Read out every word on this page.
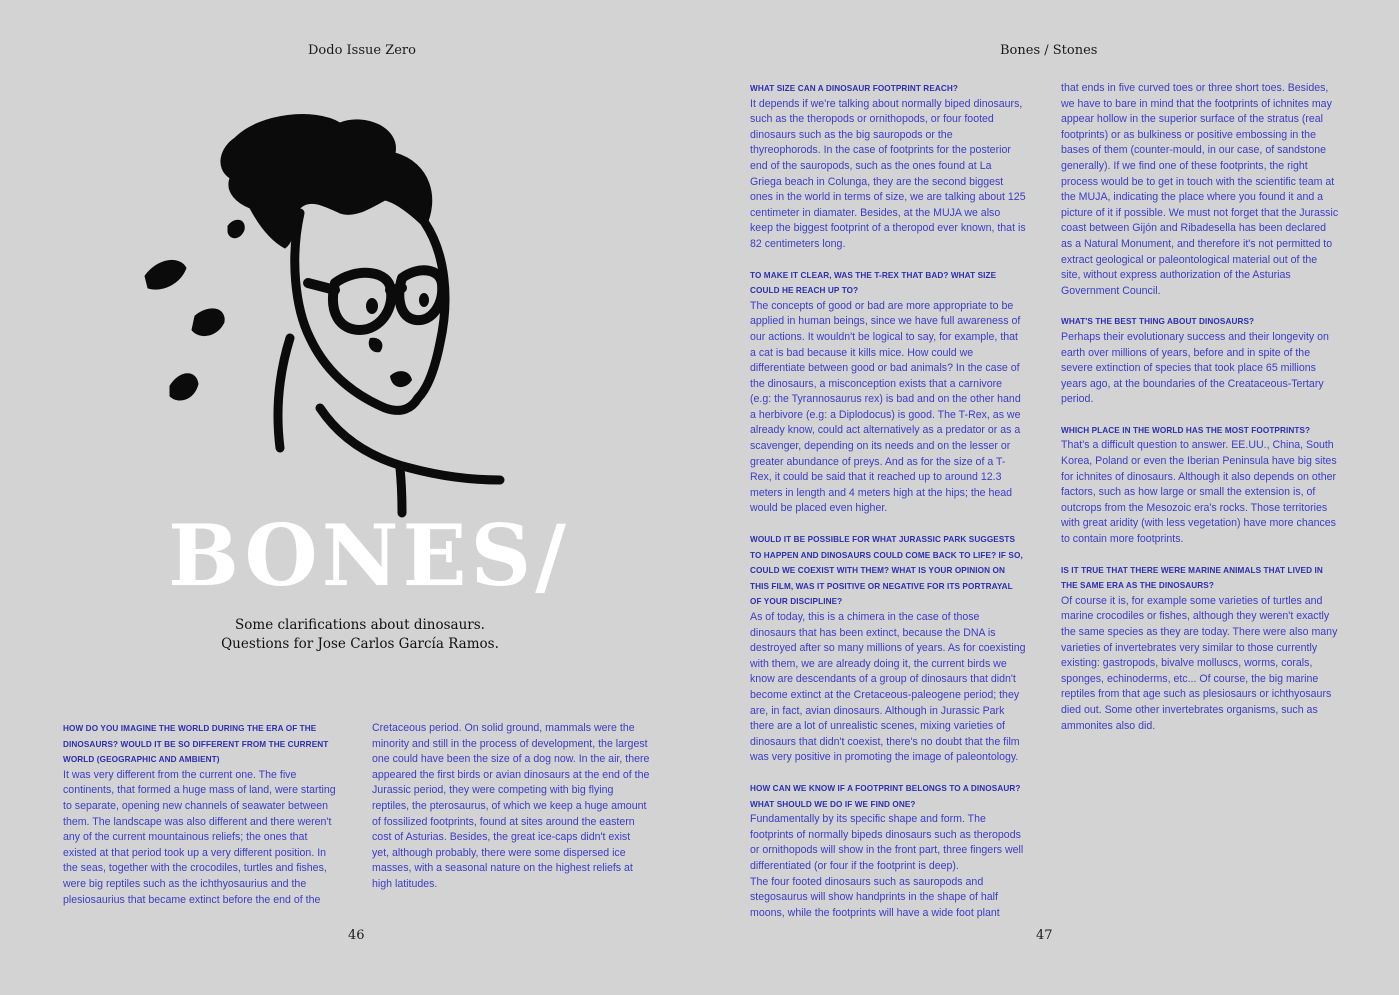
Dodo Issue Zero
BONES/
Some clarifications about dinosaurs.
Questions for Jose Carlos García Ramos.
HOW DO YOU IMAGINE THE WORLD DURING THE ERA OF THE DINOSAURS? WOULD IT BE SO DIFFERENT FROM THE CURRENT WORLD (GEOGRAPHIC AND AMBIENT)
It was very different from the current one. The five continents, that formed a huge mass of land, were starting to separate, opening new channels of seawater between them. The landscape was also different and there weren't any of the current mountainous reliefs; the ones that existed at that period took up a very different position. In the seas, together with the crocodiles, turtles and fishes, were big reptiles such as the ichthyosaurius and the plesiosaurius that became extinct before the end of the
Cretaceous period. On solid ground, mammals were the minority and still in the process of development, the largest one could have been the size of a dog now. In the air, there appeared the first birds or avian dinosaurs at the end of the Jurassic period, they were competing with big flying reptiles, the pterosaurus, of which we keep a huge amount of fossilized footprints, found at sites around the eastern cost of Asturias. Besides, the great ice-caps didn't exist yet, although probably, there were some dispersed ice masses, with a seasonal nature on the highest reliefs at high latitudes.
46
Bones / Stones
WHAT SIZE CAN A DINOSAUR FOOTPRINT REACH?
It depends if we're talking about normally biped dinosaurs, such as the theropods or ornithopods, or four footed dinosaurs such as the big sauropods or the thyreophorods. In the case of footprints for the posterior end of the sauropods, such as the ones found at La Griega beach in Colunga, they are the second biggest ones in the world in terms of size, we are talking about 125 centimeter in diamater. Besides, at the MUJA we also keep the biggest footprint of a theropod ever known, that is 82 centimeters long.
TO MAKE IT CLEAR, WAS THE T-REX THAT BAD? WHAT SIZE COULD HE REACH UP TO?
The concepts of good or bad are more appropriate to be applied in human beings, since we have full awareness of our actions. It wouldn't be logical to say, for example, that a cat is bad because it kills mice. How could we differentiate between good or bad animals? In the case of the dinosaurs, a misconception exists that a carnivore (e.g: the Tyrannosaurus rex) is bad and on the other hand a herbivore (e.g: a Diplodocus) is good. The T-Rex, as we already know, could act alternatively as a predator or as a scavenger, depending on its needs and on the lesser or greater abundance of preys. And as for the size of a T-Rex, it could be said that it reached up to around 12.3 meters in length and 4 meters high at the hips; the head would be placed even higher.
WOULD IT BE POSSIBLE FOR WHAT JURASSIC PARK SUGGESTS TO HAPPEN AND DINOSAURS COULD COME BACK TO LIFE? IF SO, COULD WE COEXIST WITH THEM? WHAT IS YOUR OPINION ON THIS FILM, WAS IT POSITIVE OR NEGATIVE FOR ITS PORTRAYAL OF YOUR DISCIPLINE?
As of today, this is a chimera in the case of those dinosaurs that has been extinct, because the DNA is destroyed after so many millions of years. As for coexisting with them, we are already doing it, the current birds we know are descendants of a group of dinosaurs that didn't become extinct at the Cretaceous-paleogene period; they are, in fact, avian dinosaurs. Although in Jurassic Park there are a lot of unrealistic scenes, mixing varieties of dinosaurs that didn't coexist, there's no doubt that the film was very positive in promoting the image of paleontology.
HOW CAN WE KNOW IF A FOOTPRINT BELONGS TO A DINOSAUR? WHAT SHOULD WE DO IF WE FIND ONE?
Fundamentally by its specific shape and form. The footprints of normally bipeds dinosaurs such as theropods or ornithopods will show in the front part, three fingers well differentiated (or four if the footprint is deep).
The four footed dinosaurs such as sauropods and stegosaurus will show handprints in the shape of half moons, while the footprints will have a wide foot plant
that ends in five curved toes or three short toes. Besides, we have to bare in mind that the footprints of ichnites may appear hollow in the superior surface of the stratus (real footprints) or as bulkiness or positive embossing in the bases of them (counter-mould, in our case, of sandstone generally). If we find one of these footprints, the right process would be to get in touch with the scientific team at the MUJA, indicating the place where you found it and a picture of it if possible. We must not forget that the Jurassic coast between Gijón and Ribadesella has been declared as a Natural Monument, and therefore it's not permitted to extract geological or paleontological material out of the site, without express authorization of the Asturias Government Council.
WHAT'S THE BEST THING ABOUT DINOSAURS?
Perhaps their evolutionary success and their longevity on earth over millions of years, before and in spite of the severe extinction of species that took place 65 millions years ago, at the boundaries of the Creataceous-Tertary period.
WHICH PLACE IN THE WORLD HAS THE MOST FOOTPRINTS?
That's a difficult question to answer. EE.UU., China, South Korea, Poland or even the Iberian Peninsula have big sites for ichnites of dinosaurs. Although it also depends on other factors, such as how large or small the extension is, of outcrops from the Mesozoic era's rocks. Those territories with great aridity (with less vegetation) have more chances to contain more footprints.
IS IT TRUE THAT THERE WERE MARINE ANIMALS THAT LIVED IN THE SAME ERA AS THE DINOSAURS?
Of course it is, for example some varieties of turtles and marine crocodiles or fishes, although they weren't exactly the same species as they are today. There were also many varieties of invertebrates very similar to those currently existing: gastropods, bivalve molluscs, worms, corals, sponges, echinoderms, etc... Of course, the big marine reptiles from that age such as plesiosaurs or ichthyosaurs died out. Some other invertebrates organisms, such as ammonites also did.
47
